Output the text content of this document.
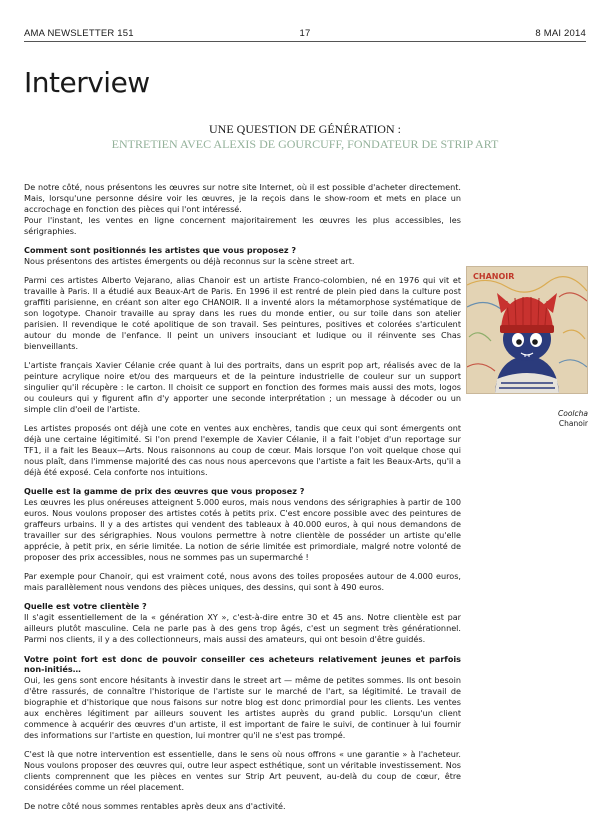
AMA NEWSLETTER 151	17	8 MAI 2014
Interview
UNE QUESTION DE GÉNÉRATION :
ENTRETIEN AVEC ALEXIS DE GOURCUFF, FONDATEUR DE STRIP ART

De notre côté, nous présentons les œuvres sur notre site Internet, où il est possible d'acheter directement. Mais, lorsqu'une personne désire voir les œuvres, je la reçois dans le show-room et mets en place un accrochage en fonction des pièces qui l'ont intéressé.
Pour l'instant, les ventes en ligne concernent majoritairement les œuvres les plus accessibles, les sérigraphies.

Comment sont positionnés les artistes que vous proposez ?

Nous présentons des artistes émergents ou déjà reconnus sur la scène street art.

Parmi ces artistes Alberto Vejarano, alias Chanoir est un artiste Franco-colombien, né en 1976 qui vit et travaille à Paris. Il a étudié aux Beaux-Art de Paris. En 1996 il est rentré de plein pied dans la culture post graffiti parisienne, en créant son alter ego CHANOIR. Il a inventé alors la métamorphose systématique de son logotype. Chanoir travaille au spray dans les rues du monde entier, ou sur toile dans son atelier parisien. Il revendique le coté apolitique de son travail. Ses peintures, positives et colorées s'articulent autour du monde de l'enfance. Il peint un univers insouciant et ludique ou il réinvente ses Chas bienveillants.

L'artiste français Xavier Célanie crée quant à lui des portraits, dans un esprit pop art, réalisés avec de la peinture acrylique noire et/ou des marqueurs et de la peinture industrielle de couleur sur un support singulier qu'il récupère : le carton. Il choisit ce support en fonction des formes mais aussi des mots, logos ou couleurs qui y figurent afin d'y apporter une seconde interprétation ; un message à décoder ou un simple clin d'oeil de l'artiste.

Les artistes proposés ont déjà une cote en ventes aux enchères, tandis que ceux qui sont émergents ont déjà une certaine légitimité. Si l'on prend l'exemple de Xavier Célanie, il a fait l'objet d'un reportage sur TF1, il a fait les Beaux—Arts. Nous raisonnons au coup de cœur. Mais lorsque l'on voit quelque chose qui nous plaît, dans l'immense majorité des cas nous nous apercevons que l'artiste a fait les Beaux-Arts, qu'il a déjà été exposé. Cela conforte nos intuitions.

Quelle est la gamme de prix des œuvres que vous proposez ?

Les œuvres les plus onéreuses atteignent 5.000 euros, mais nous vendons des sérigraphies à partir de 100 euros. Nous voulons proposer des artistes cotés à petits prix. C'est encore possible avec des peintures de graffeurs urbains. Il y a des artistes qui vendent des tableaux à 40.000 euros, à qui nous demandons de travailler sur des sérigraphies. Nous voulons permettre à notre clientèle de posséder un artiste qu'elle apprécie, à petit prix, en série limitée. La notion de série limitée est primordiale, malgré notre volonté de proposer des prix accessibles, nous ne sommes pas un supermarché !

Par exemple pour Chanoir, qui est vraiment coté, nous avons des toiles proposées autour de 4.000 euros, mais parallèlement nous vendons des pièces uniques, des dessins, qui sont à 490 euros.

Quelle est votre clientèle ?

Il s'agit essentiellement de la « génération XY », c'est-à-dire entre 30 et 45 ans. Notre clientèle est par ailleurs plutôt masculine. Cela ne parle pas à des gens trop âgés, c'est un segment très générationnel. Parmi nos clients, il y a des collectionneurs, mais aussi des amateurs, qui ont besoin d'être guidés.

Votre point fort est donc de pouvoir conseiller ces acheteurs relativement jeunes et parfois non-initiés…

Oui, les gens sont encore hésitants à investir dans le street art — même de petites sommes. Ils ont besoin d'être rassurés, de connaître l'historique de l'artiste sur le marché de l'art, sa légitimité. Le travail de biographie et d'historique que nous faisons sur notre blog est donc primordial pour les clients. Les ventes aux enchères légitiment par ailleurs souvent les artistes auprès du grand public. Lorsqu'un client commence à acquérir des œuvres d'un artiste, il est important de faire le suivi, de continuer à lui fournir des informations sur l'artiste en question, lui montrer qu'il ne s'est pas trompé.

C'est là que notre intervention est essentielle, dans le sens où nous offrons « une garantie » à l'acheteur. Nous voulons proposer des œuvres qui, outre leur aspect esthétique, sont un véritable investissement. Nos clients comprennent que les pièces en ventes sur Strip Art peuvent, au-delà du coup de cœur, être considérées comme un réel placement.

De notre côté nous sommes rentables après deux ans d'activité.

CHANOIR
Coolcha
Chanoir
